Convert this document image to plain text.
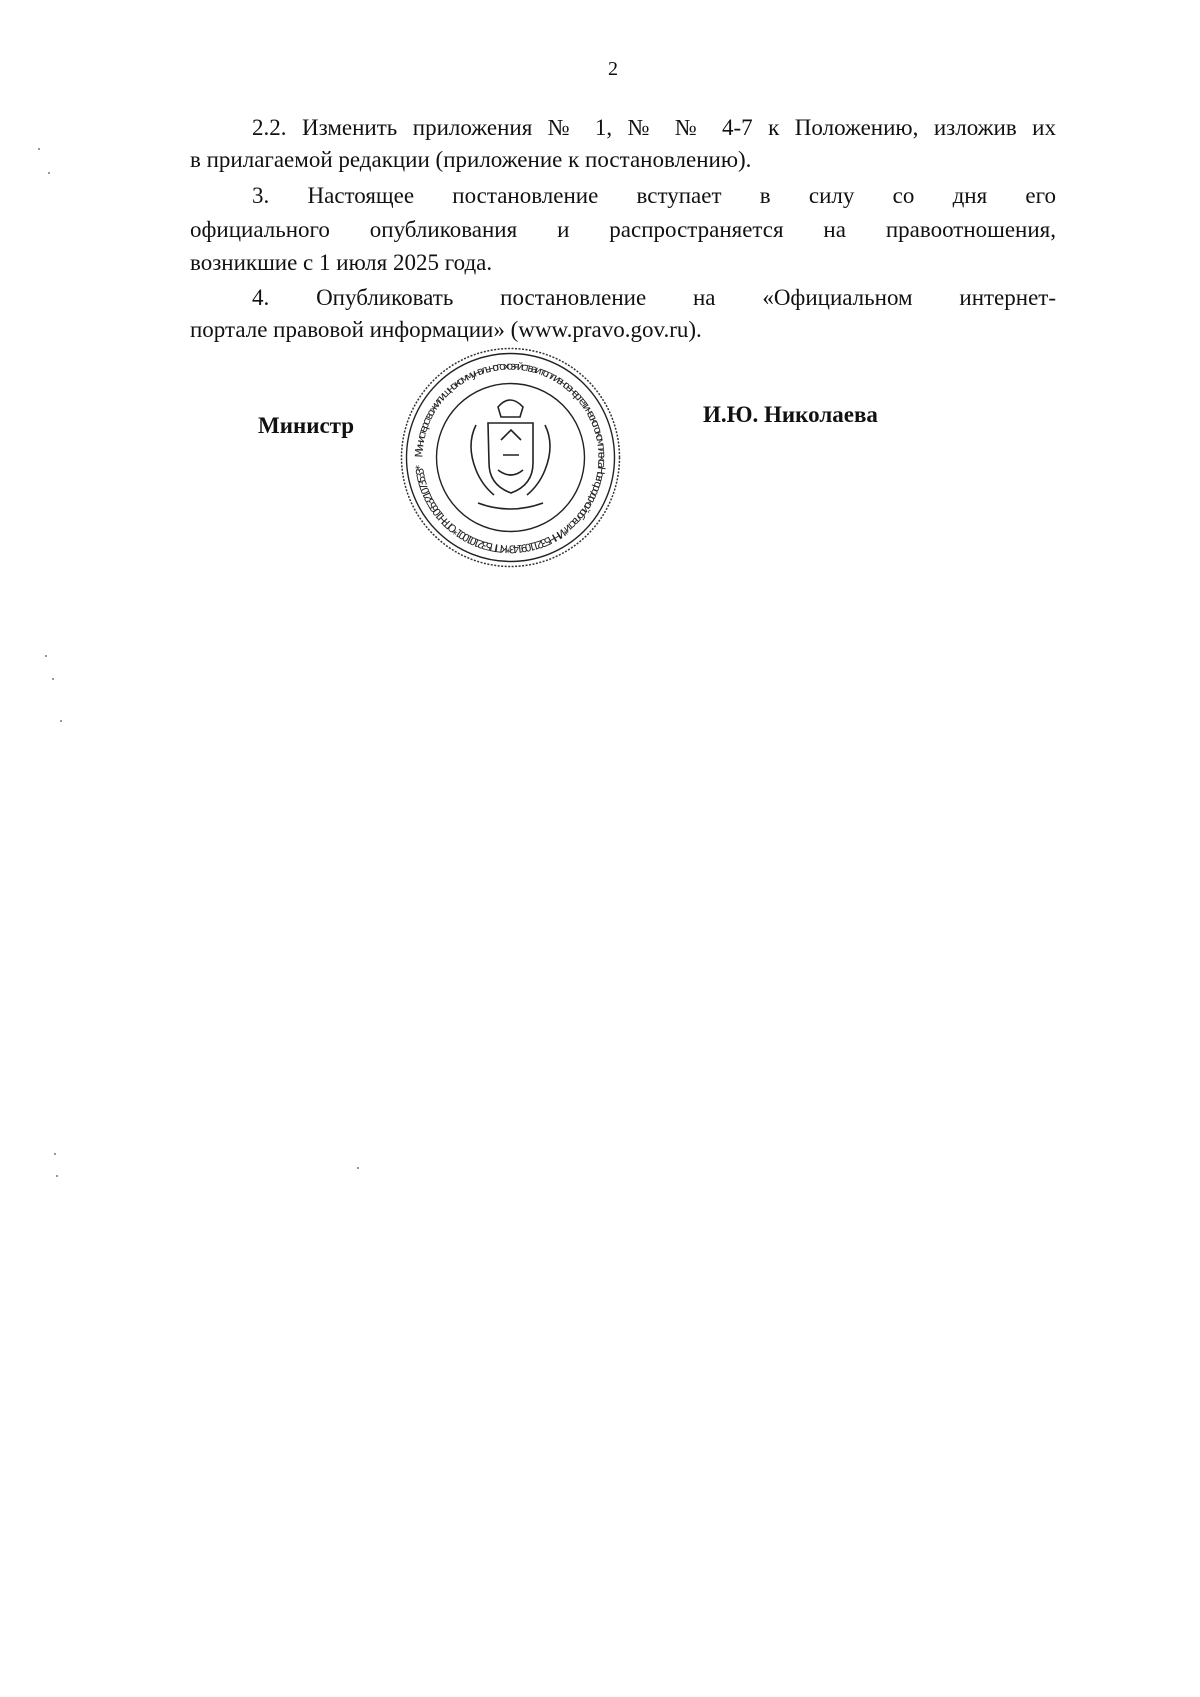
2
2.2. Изменить приложения № 1, № № 4-7 к Положению, изложив их
в прилагаемой редакции (приложение к постановлению).
3. Настоящее постановление вступает в силу со дня его
официального опубликования и распространяется на правоотношения,
возникшие с 1 июля 2025 года.
4. Опубликовать постановление на «Официальном интернет-
портале правовой информации» (www.pravo.gov.ru).
Министр	И.Ю. Николаева
Министерство жилищно-коммунального хозяйства и топливно-энергетического комплекса Новгородской области * ИНН 5321109143 * КПП 532101001 * ОГРН 1065321073533 *
